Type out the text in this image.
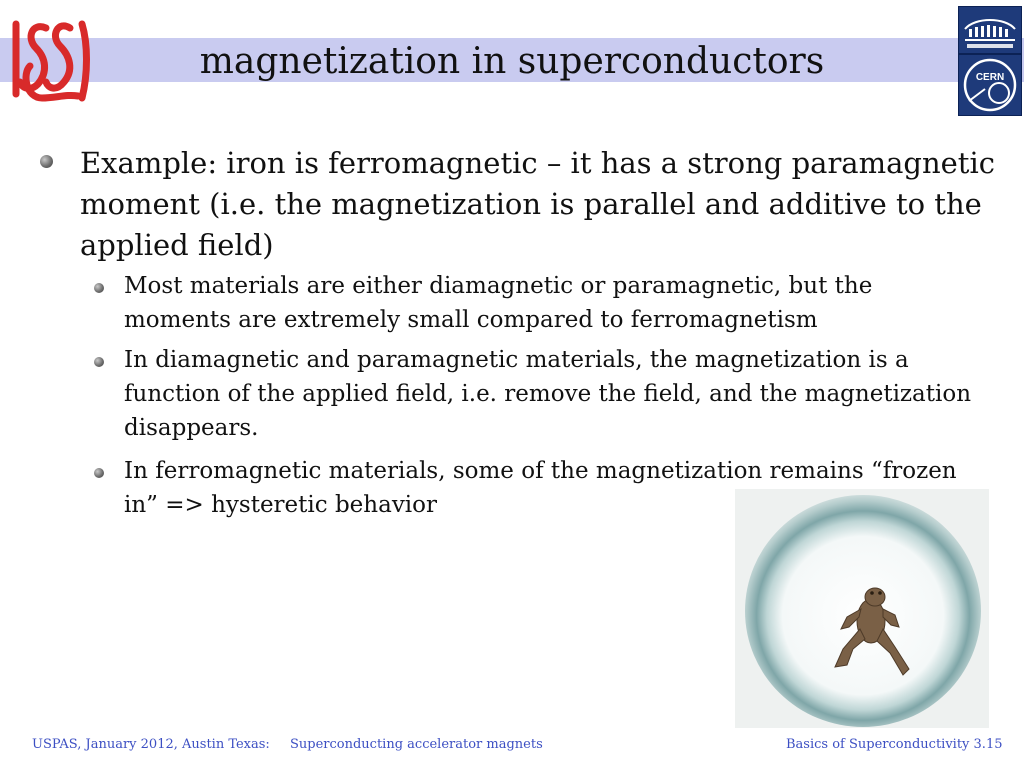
magnetization in superconductors	CERN
Example: iron is ferromagnetic – it has a strong paramagnetic moment (i.e. the magnetization is parallel and additive to the applied field)
Most materials are either diamagnetic or paramagnetic, but the moments are extremely small compared to ferromagnetism
In diamagnetic and paramagnetic materials, the magnetization is a function of the applied field, i.e. remove the field, and the magnetization disappears.
In ferromagnetic materials, some of the magnetization remains “frozen in” => hysteretic behavior
USPAS, January 2012, Austin Texas: Superconducting accelerator magnets	Basics of Superconductivity 3.15
